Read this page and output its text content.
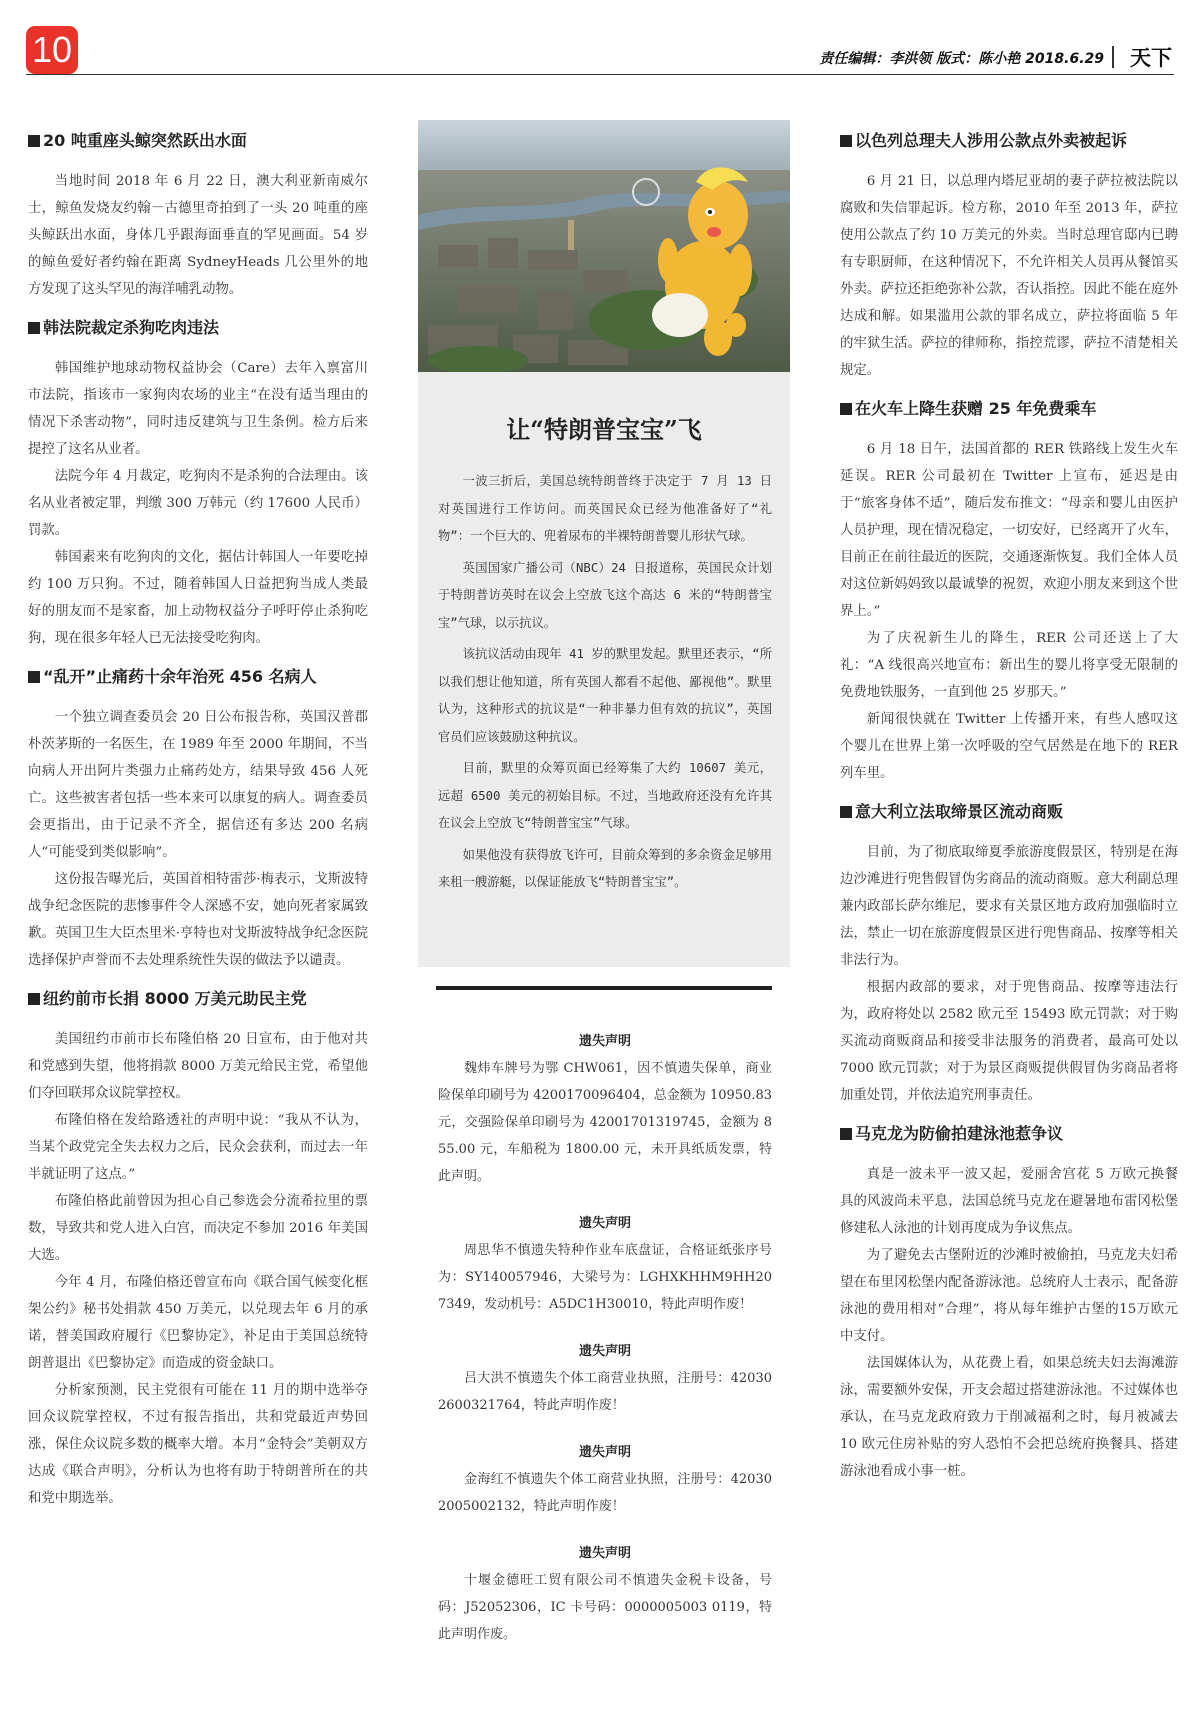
10	责任编辑：李洪领 版式：陈小艳 2018.6.29 天下
20 吨重座头鲸突然跃出水面

当地时间 2018 年 6 月 22 日，澳大利亚新南威尔士，鲸鱼发烧友约翰－古德里奇拍到了一头 20 吨重的座头鲸跃出水面，身体几乎跟海面垂直的罕见画面。54 岁的鲸鱼爱好者约翰在距离 SydneyHeads 几公里外的地方发现了这头罕见的海洋哺乳动物。

韩法院裁定杀狗吃肉违法

韩国维护地球动物权益协会（Care）去年入禀富川市法院，指该市一家狗肉农场的业主“在没有适当理由的情况下杀害动物”，同时违反建筑与卫生条例。检方后来提控了这名从业者。

法院今年 4 月裁定，吃狗肉不是杀狗的合法理由。该名从业者被定罪，判缴 300 万韩元（约 17600 人民币）罚款。

韩国素来有吃狗肉的文化，据估计韩国人一年要吃掉约 100 万只狗。不过，随着韩国人日益把狗当成人类最好的朋友而不是家畜，加上动物权益分子呼吁停止杀狗吃狗，现在很多年轻人已无法接受吃狗肉。

“乱开”止痛药十余年治死 456 名病人

一个独立调查委员会 20 日公布报告称，英国汉普郡朴茨茅斯的一名医生，在 1989 年至 2000 年期间，不当向病人开出阿片类强力止痛药处方，结果导致 456 人死亡。这些被害者包括一些本来可以康复的病人。调查委员会更指出，由于记录不齐全，据信还有多达 200 名病人“可能受到类似影响”。

这份报告曝光后，英国首相特雷莎·梅表示，戈斯波特战争纪念医院的悲惨事件令人深感不安，她向死者家属致歉。英国卫生大臣杰里米·亨特也对戈斯波特战争纪念医院选择保护声誉而不去处理系统性失误的做法予以谴责。

纽约前市长捐 8000 万美元助民主党

美国纽约市前市长布隆伯格 20 日宣布，由于他对共和党感到失望，他将捐款 8000 万美元给民主党，希望他们夺回联邦众议院掌控权。

布隆伯格在发给路透社的声明中说：“我从不认为，当某个政党完全失去权力之后，民众会获利，而过去一年半就证明了这点。”

布隆伯格此前曾因为担心自己参选会分流希拉里的票数，导致共和党人进入白宫，而决定不参加 2016 年美国大选。

今年 4 月，布隆伯格还曾宣布向《联合国气候变化框架公约》秘书处捐款 450 万美元，以兑现去年 6 月的承诺，替美国政府履行《巴黎协定》，补足由于美国总统特朗普退出《巴黎协定》而造成的资金缺口。

分析家预测，民主党很有可能在 11 月的期中选举夺回众议院掌控权，不过有报告指出，共和党最近声势回涨，保住众议院多数的概率大增。本月“金特会”美朝双方达成《联合声明》，分析认为也将有助于特朗普所在的共和党中期选举。

让“特朗普宝宝”飞

一波三折后，美国总统特朗普终于决定于 7 月 13 日对英国进行工作访问。而英国民众已经为他准备好了“礼物”：一个巨大的、兜着尿布的半裸特朗普婴儿形状气球。

英国国家广播公司（NBC）24 日报道称，英国民众计划于特朗普访英时在议会上空放飞这个高达 6 米的“特朗普宝宝”气球，以示抗议。

该抗议活动由现年 41 岁的默里发起。默里还表示，“所以我们想让他知道，所有英国人都看不起他、鄙视他”。默里认为，这种形式的抗议是“一种非暴力但有效的抗议”，英国官员们应该鼓励这种抗议。

目前，默里的众筹页面已经筹集了大约 10607 美元，远超 6500 美元的初始目标。不过，当地政府还没有允许其在议会上空放飞“特朗普宝宝”气球。

如果他没有获得放飞许可，目前众筹到的多余资金足够用来租一艘游艇，以保证能放飞“特朗普宝宝”。

遗失声明

魏炜车牌号为鄂 CHW061，因不慎遗失保单，商业险保单印刷号为 4200170096404，总金额为 10950.83 元，交强险保单印刷号为 42001701319745，金额为 855.00 元，车船税为 1800.00 元，未开具纸质发票，特此声明。

遗失声明

周思华不慎遗失特种作业车底盘证，合格证纸张序号为：SY140057946，大梁号为：LGHXKHHM9HH207349，发动机号：A5DC1H30010，特此声明作废！

遗失声明

吕大洪不慎遗失个体工商营业执照，注册号：420302600321764，特此声明作废！

遗失声明

金海红不慎遗失个体工商营业执照，注册号：420302005002132，特此声明作废！

遗失声明

十堰金德旺工贸有限公司不慎遗失金税卡设备，号码：J52052306，IC 卡号码：0000005003 0119，特此声明作废。

以色列总理夫人涉用公款点外卖被起诉

6 月 21 日，以总理内塔尼亚胡的妻子萨拉被法院以腐败和失信罪起诉。检方称，2010 年至 2013 年，萨拉使用公款点了约 10 万美元的外卖。当时总理官邸内已聘有专职厨师，在这种情况下，不允许相关人员再从餐馆买外卖。萨拉还拒绝弥补公款，否认指控。因此不能在庭外达成和解。如果滥用公款的罪名成立，萨拉将面临 5 年的牢狱生活。萨拉的律师称，指控荒谬，萨拉不清楚相关规定。

在火车上降生获赠 25 年免费乘车

6 月 18 日午，法国首都的 RER 铁路线上发生火车延误。RER 公司最初在 Twitter 上宣布，延迟是由于“旅客身体不适”，随后发布推文：“母亲和婴儿由医护人员护理，现在情况稳定，一切安好，已经离开了火车，目前正在前往最近的医院，交通逐渐恢复。我们全体人员对这位新妈妈致以最诚挚的祝贺，欢迎小朋友来到这个世界上。”

为了庆祝新生儿的降生，RER 公司还送上了大礼：“A 线很高兴地宣布：新出生的婴儿将享受无限制的免费地铁服务，一直到他 25 岁那天。”

新闻很快就在 Twitter 上传播开来，有些人感叹这个婴儿在世界上第一次呼吸的空气居然是在地下的 RER 列车里。

意大利立法取缔景区流动商贩

目前，为了彻底取缔夏季旅游度假景区，特别是在海边沙滩进行兜售假冒伪劣商品的流动商贩。意大利副总理兼内政部长萨尔维尼，要求有关景区地方政府加强临时立法，禁止一切在旅游度假景区进行兜售商品、按摩等相关非法行为。

根据内政部的要求，对于兜售商品、按摩等违法行为，政府将处以 2582 欧元至 15493 欧元罚款；对于购买流动商贩商品和接受非法服务的消费者，最高可处以 7000 欧元罚款；对于为景区商贩提供假冒伪劣商品者将加重处罚，并依法追究刑事责任。

马克龙为防偷拍建泳池惹争议

真是一波未平一波又起，爱丽舍宫花 5 万欧元换餐具的风波尚未平息，法国总统马克龙在避暑地布雷冈松堡修建私人泳池的计划再度成为争议焦点。

为了避免去古堡附近的沙滩时被偷拍，马克龙夫妇希望在布里冈松堡内配备游泳池。总统府人士表示，配备游泳池的费用相对“合理”，将从每年维护古堡的15万欧元中支付。

法国媒体认为，从花费上看，如果总统夫妇去海滩游泳，需要额外安保，开支会超过搭建游泳池。不过媒体也承认，在马克龙政府致力于削减福利之时，每月被减去 10 欧元住房补贴的穷人恐怕不会把总统府换餐具、搭建游泳池看成小事一桩。
